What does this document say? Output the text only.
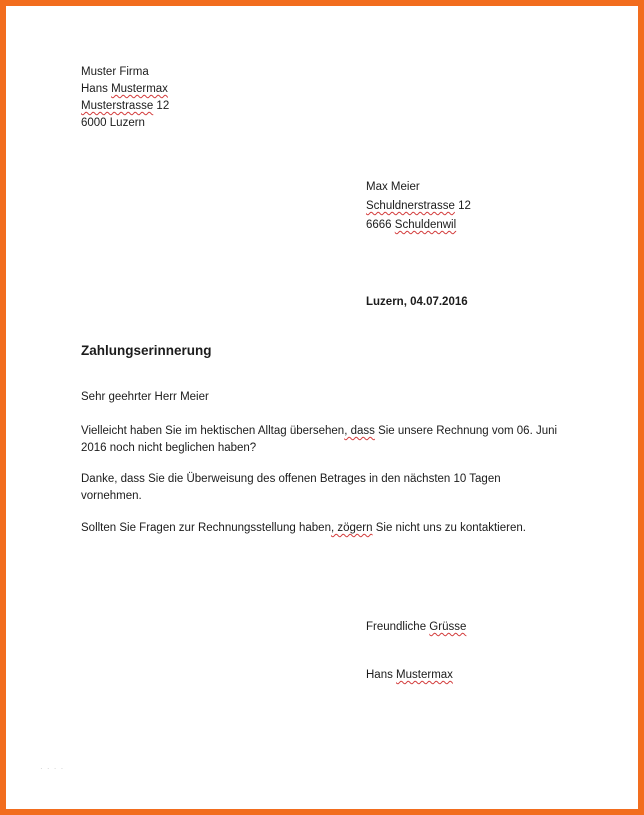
Muster Firma
Hans Mustermax
Musterstrasse 12
6000 Luzern
Max Meier
Schuldnerstrasse 12
6666 Schuldenwil
Luzern, 04.07.2016
Zahlungserinnerung
Sehr geehrter Herr Meier
Vielleicht haben Sie im hektischen Alltag übersehen, dass Sie unsere Rechnung vom 06. Juni
2016 noch nicht beglichen haben?
Danke, dass Sie die Überweisung des offenen Betrages in den nächsten 10 Tagen
vornehmen.
Sollten Sie Fragen zur Rechnungsstellung haben, zögern Sie nicht uns zu kontaktieren.
Freundliche Grüsse
Hans Mustermax
· · · ·
